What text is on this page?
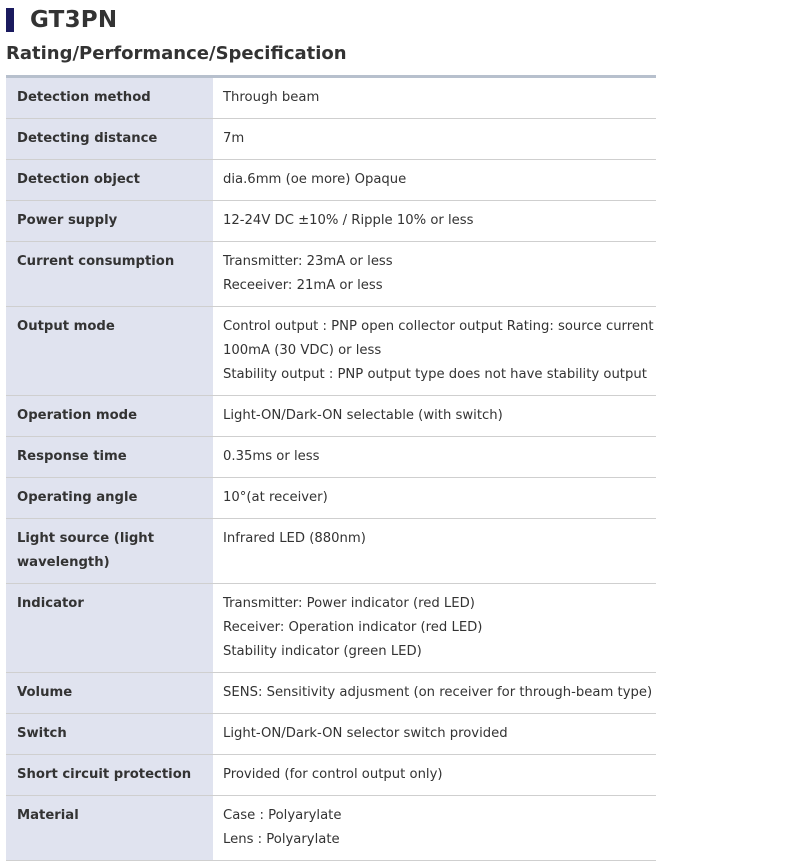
GT3PN
Rating/Performance/Specification
Detection method	Through beam

Detecting distance	7m

Detection object	dia.6mm (oe more) Opaque

Power supply	12-24V DC ±10% / Ripple 10% or less

Current consumption	Transmitter: 23mA or less
Receeiver: 21mA or less

Output mode	Control output : PNP open collector output Rating: source current
100mA (30 VDC) or less
Stability output : PNP output type does not have stability output

Operation mode	Light-ON/Dark-ON selectable (with switch)

Response time	0.35ms or less

Operating angle	10°(at receiver)

Light source (light wavelength)	Infrared LED (880nm)

Indicator	Transmitter: Power indicator (red LED)
Receiver: Operation indicator (red LED)
Stability indicator (green LED)

Volume	SENS: Sensitivity adjusment (on receiver for through-beam type)

Switch	Light-ON/Dark-ON selector switch provided

Short circuit protection	Provided (for control output only)

Material	Case : Polyarylate
Lens : Polyarylate
